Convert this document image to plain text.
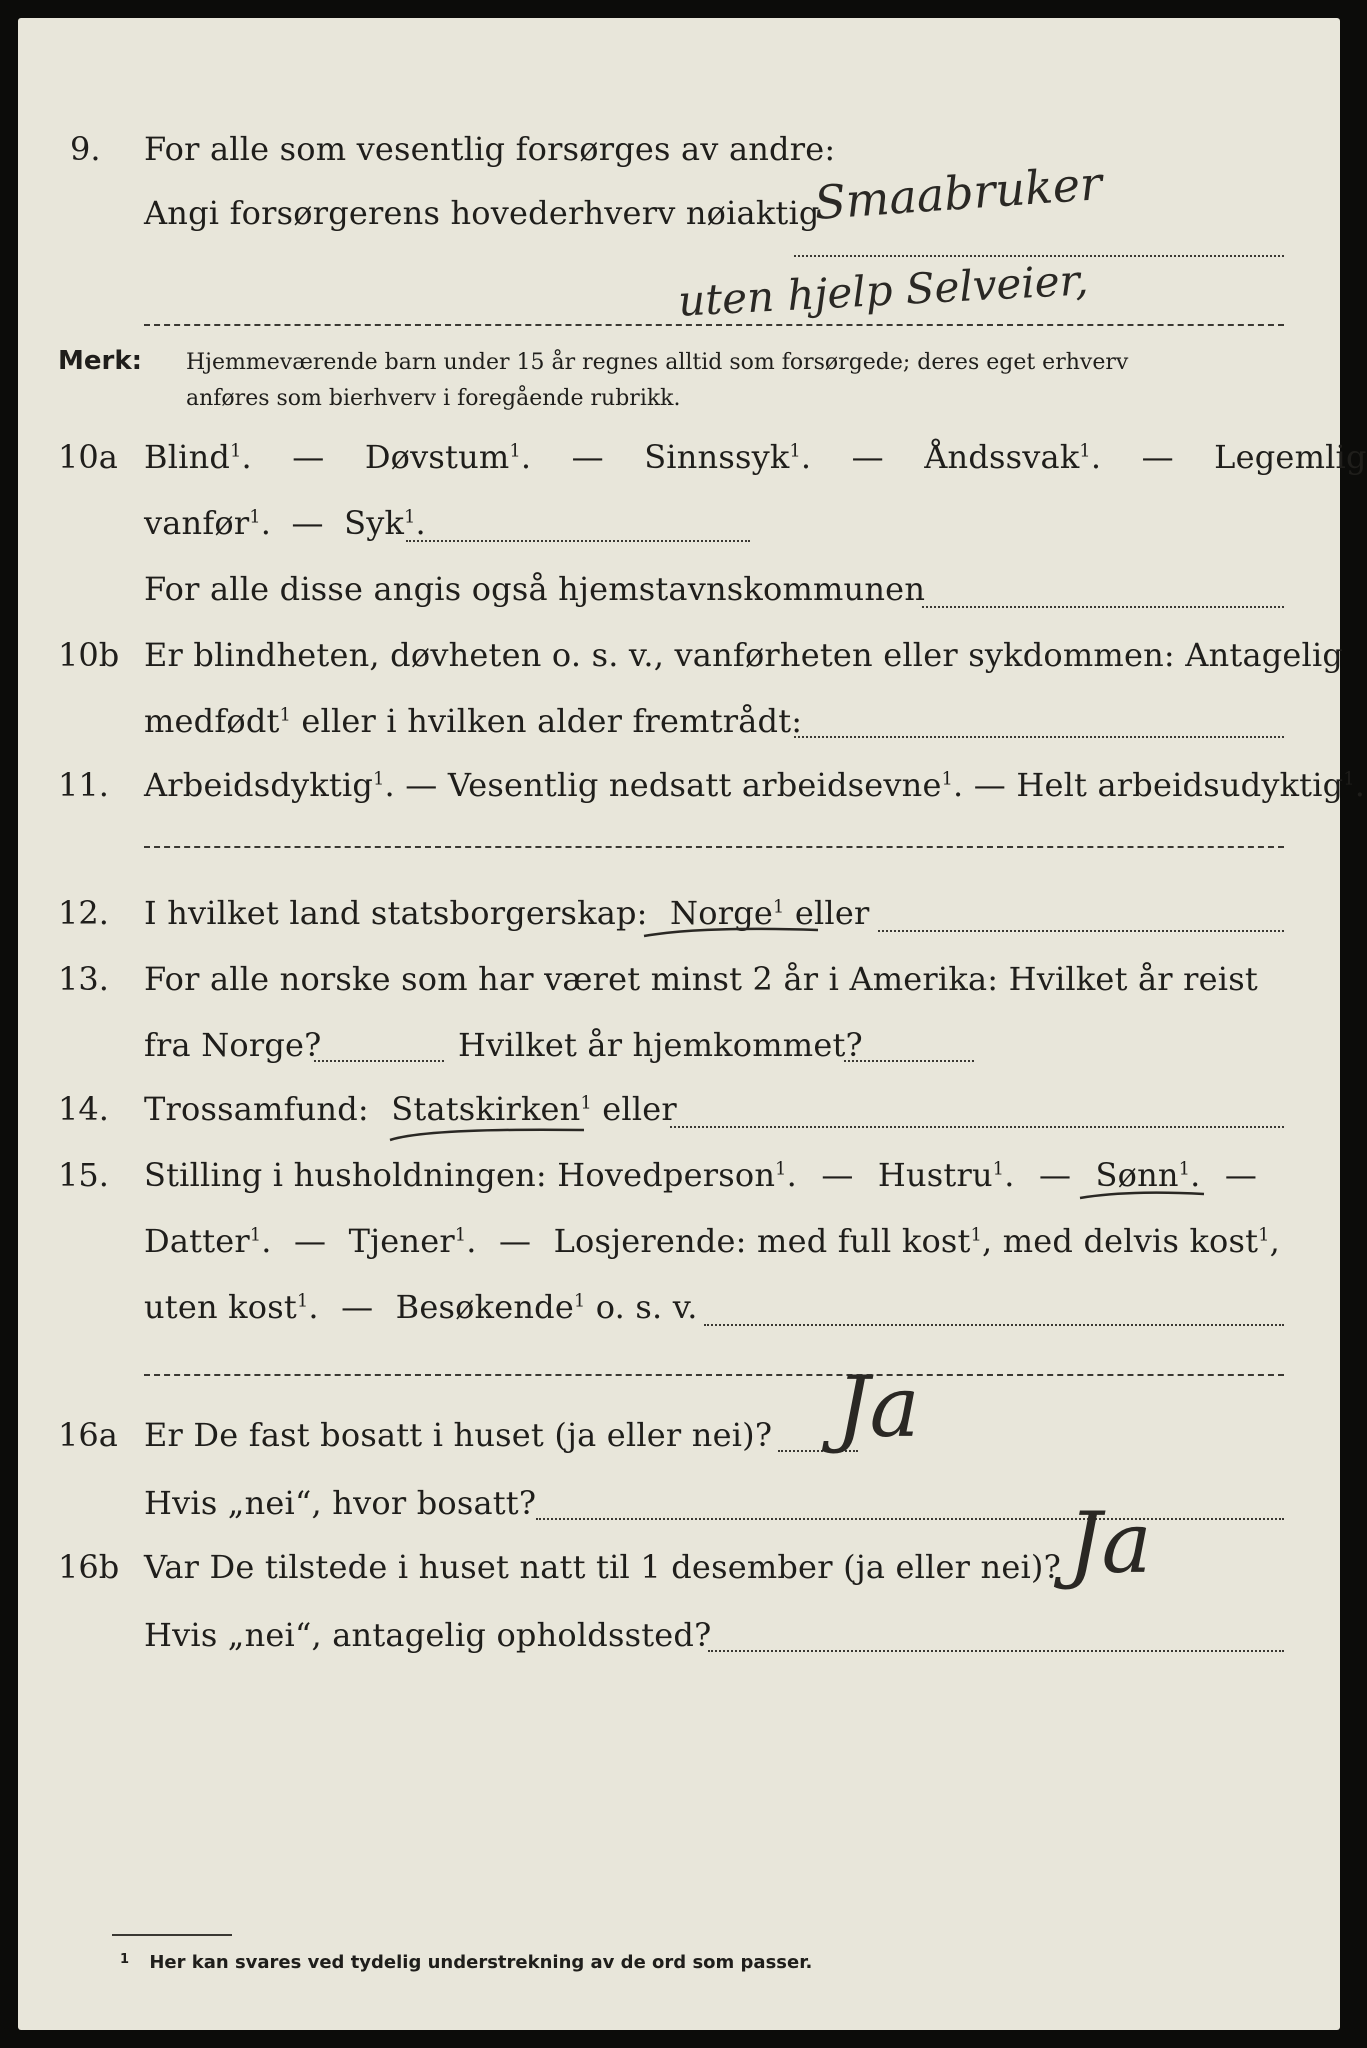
9. For alle som vesentlig forsørges av andre:
Angi forsørgerens hovederhverv nøiaktig
Smaabruker
uten hjelp Selveier,
Merk: Hjemmeværende barn under 15 år regnes alltid som forsørgede; deres eget erhverv
anføres som bierhverv i foregående rubrikk.
10a Blind$^1$. — Døvstum$^1$. — Sinnssyk$^1$. — Åndssvak$^1$. — Legemlig
vanfør$^1$. — Syk$^1$.
For alle disse angis også hjemstavnskommunen
10b Er blindheten, døvheten o. s. v., vanførheten eller sykdommen: Antagelig
medfødt$^1$ eller i hvilken alder fremtrådt:
11. Arbeidsdyktig$^1$. — Vesentlig nedsatt arbeidsevne$^1$. — Helt arbeidsudyktig$^1$.
12. I hvilket land statsborgerskap: Norge$^1$ eller
13. For alle norske som har været minst 2 år i Amerika: Hvilket år reist
fra Norge?	Hvilket år hjemkommet?
14. Trossamfund: Statskirken$^1$ eller
15. Stilling i husholdningen: Hovedperson$^1$. — Hustru$^1$. — Sønn$^1$. —
Datter$^1$. — Tjener$^1$. — Losjerende: med full kost$^1$, med delvis kost$^1$,
uten kost$^1$. — Besøkende$^1$ o. s. v.
16a Er De fast bosatt i huset (ja eller nei)? Ja
Hvis „nei“, hvor bosatt?
16b Var De tilstede i huset natt til 1 desember (ja eller nei)? Ja
Hvis „nei“, antagelig opholdssted?
$^1$ Her kan svares ved tydelig understrekning av de ord som passer.
